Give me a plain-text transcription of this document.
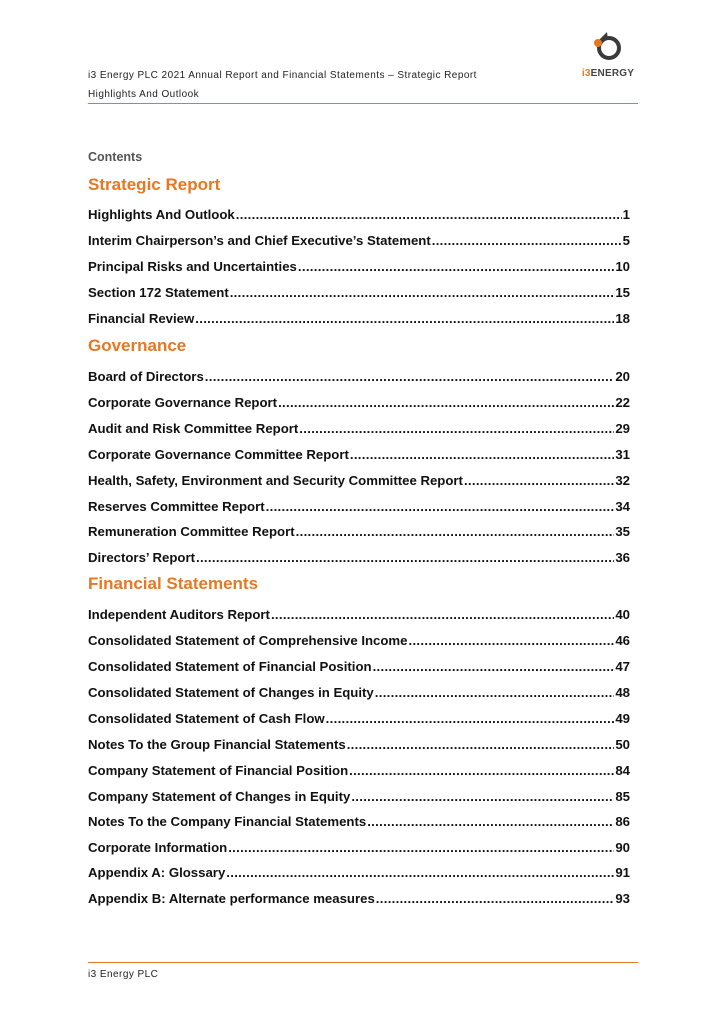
i3 Energy PLC 2021 Annual Report and Financial Statements – Strategic Report
Highlights And Outlook
i3ENERGY
Contents
Strategic Report
Highlights And Outlook .....	1
Interim Chairperson’s and Chief Executive’s Statement .....	5
Principal Risks and Uncertainties .....	10
Section 172 Statement .....	15
Financial Review .....	18
Governance
Board of Directors .....	20
Corporate Governance Report .....	22
Audit and Risk Committee Report .....	29
Corporate Governance Committee Report .....	31
Health, Safety, Environment and Security Committee Report .....	32
Reserves Committee Report .....	34
Remuneration Committee Report .....	35
Directors’ Report .....	36
Financial Statements
Independent Auditors Report .....	40
Consolidated Statement of Comprehensive Income .....	46
Consolidated Statement of Financial Position .....	47
Consolidated Statement of Changes in Equity .....	48
Consolidated Statement of Cash Flow .....	49
Notes To the Group Financial Statements .....	50
Company Statement of Financial Position .....	84
Company Statement of Changes in Equity .....	85
Notes To the Company Financial Statements .....	86
Corporate Information .....	90
Appendix A: Glossary .....	91
Appendix B: Alternate performance measures .....	93
i3 Energy PLC
